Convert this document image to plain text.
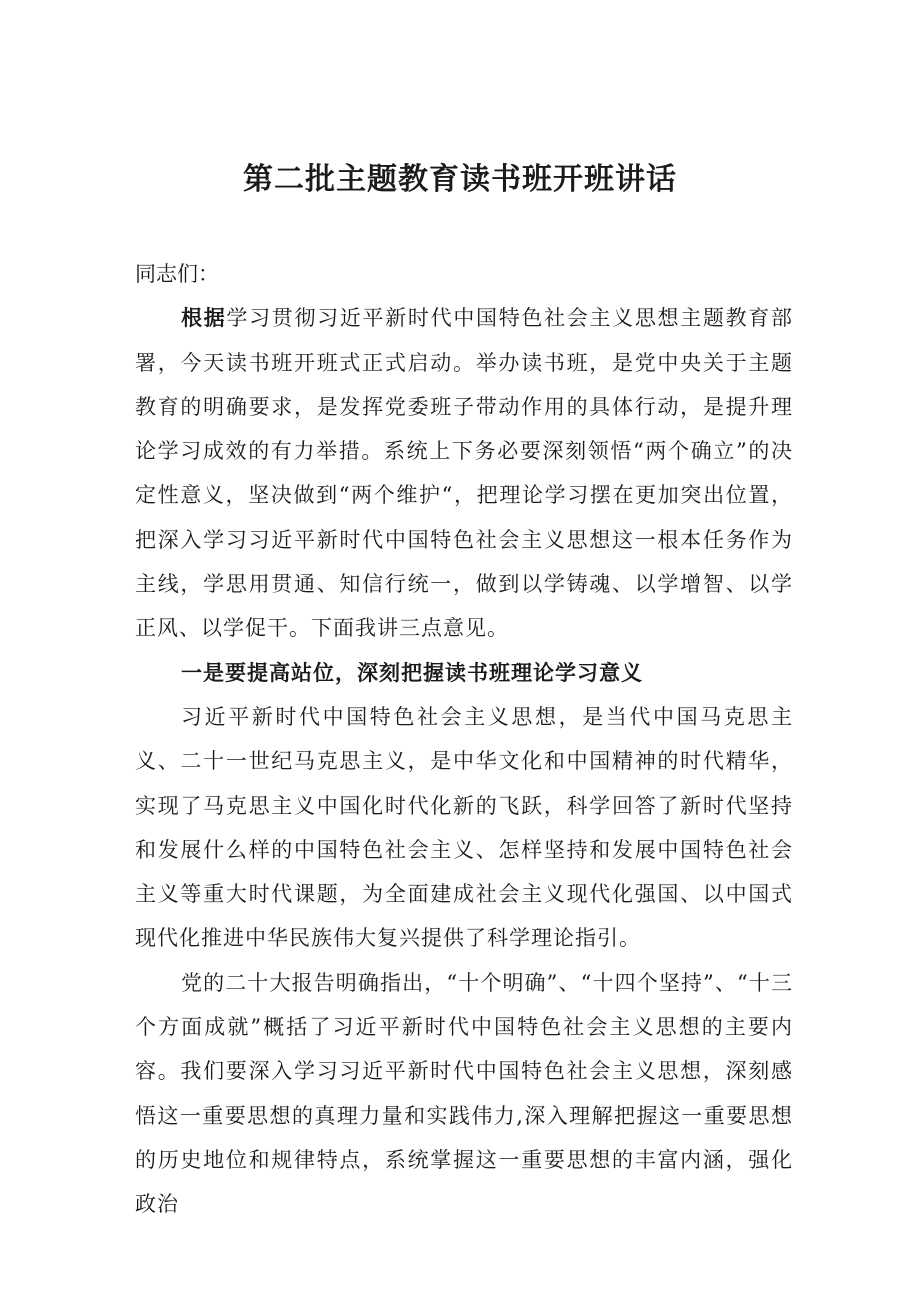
第二批主题教育读书班开班讲话

同志们：

根据学习贯彻习近平新时代中国特色社会主义思想主题教育部署，今天读书班开班式正式启动。举办读书班，是党中央关于主题教育的明确要求，是发挥党委班子带动作用的具体行动，是提升理论学习成效的有力举措。系统上下务必要深刻领悟“两个确立”的决定性意义，坚决做到“两个维护“，把理论学习摆在更加突出位置，把深入学习习近平新时代中国特色社会主义思想这一根本任务作为主线，学思用贯通、知信行统一，做到以学铸魂、以学增智、以学正风、以学促干。下面我讲三点意见。

一是要提高站位，深刻把握读书班理论学习意义

习近平新时代中国特色社会主义思想，是当代中国马克思主义、二十一世纪马克思主义，是中华文化和中国精神的时代精华，实现了马克思主义中国化时代化新的飞跃，科学回答了新时代坚持和发展什么样的中国特色社会主义、怎样坚持和发展中国特色社会主义等重大时代课题，为全面建成社会主义现代化强国、以中国式现代化推进中华民族伟大复兴提供了科学理论指引。

党的二十大报告明确指出，“十个明确”、“十四个坚持”、“十三个方面成就”概括了习近平新时代中国特色社会主义思想的主要内容。我们要深入学习习近平新时代中国特色社会主义思想，深刻感悟这一重要思想的真理力量和实践伟力,深入理解把握这一重要思想的历史地位和规律特点，系统掌握这一重要思想的丰富内涵，强化政治
